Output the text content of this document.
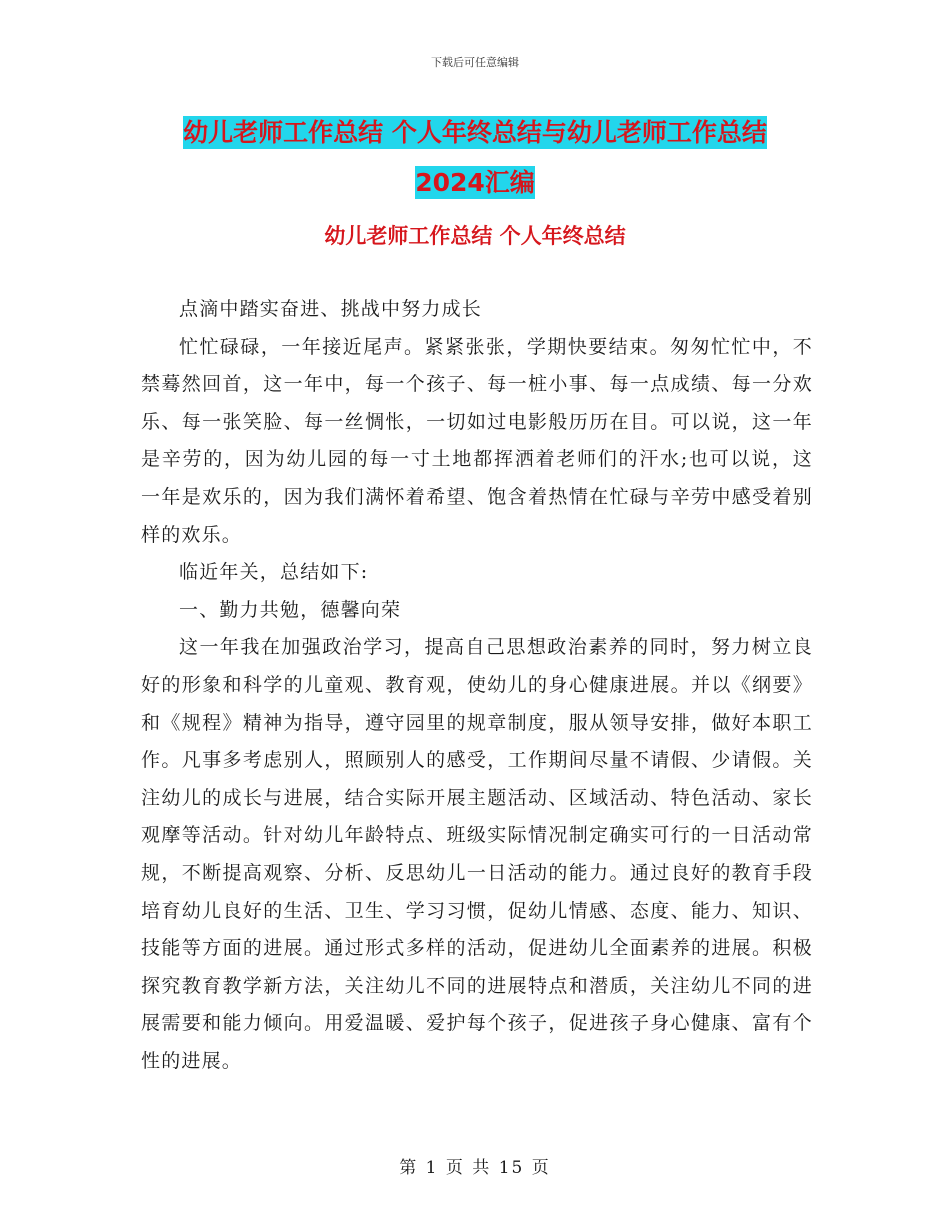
下载后可任意编辑
幼儿老师工作总结 个人年终总结与幼儿老师工作总结
2024汇编
幼儿老师工作总结 个人年终总结

点滴中踏实奋进、挑战中努力成长

忙忙碌碌，一年接近尾声。紧紧张张，学期快要结束。匆匆忙忙中，不禁蓦然回首，这一年中，每一个孩子、每一桩小事、每一点成绩、每一分欢乐、每一张笑脸、每一丝惆怅，一切如过电影般历历在目。可以说，这一年是辛劳的，因为幼儿园的每一寸土地都挥洒着老师们的汗水;也可以说，这一年是欢乐的，因为我们满怀着希望、饱含着热情在忙碌与辛劳中感受着别样的欢乐。

临近年关，总结如下:

一、勤力共勉，德馨向荣

这一年我在加强政治学习，提高自己思想政治素养的同时，努力树立良好的形象和科学的儿童观、教育观，使幼儿的身心健康进展。并以《纲要》和《规程》精神为指导，遵守园里的规章制度，服从领导安排，做好本职工作。凡事多考虑别人，照顾别人的感受，工作期间尽量不请假、少请假。关注幼儿的成长与进展，结合实际开展主题活动、区域活动、特色活动、家长观摩等活动。针对幼儿年龄特点、班级实际情况制定确实可行的一日活动常规，不断提高观察、分析、反思幼儿一日活动的能力。通过良好的教育手段培育幼儿良好的生活、卫生、学习习惯，促幼儿情感、态度、能力、知识、技能等方面的进展。通过形式多样的活动，促进幼儿全面素养的进展。积极探究教育教学新方法，关注幼儿不同的进展特点和潜质，关注幼儿不同的进展需要和能力倾向。用爱温暖、爱护每个孩子，促进孩子身心健康、富有个性的进展。

第 1 页 共 15 页
